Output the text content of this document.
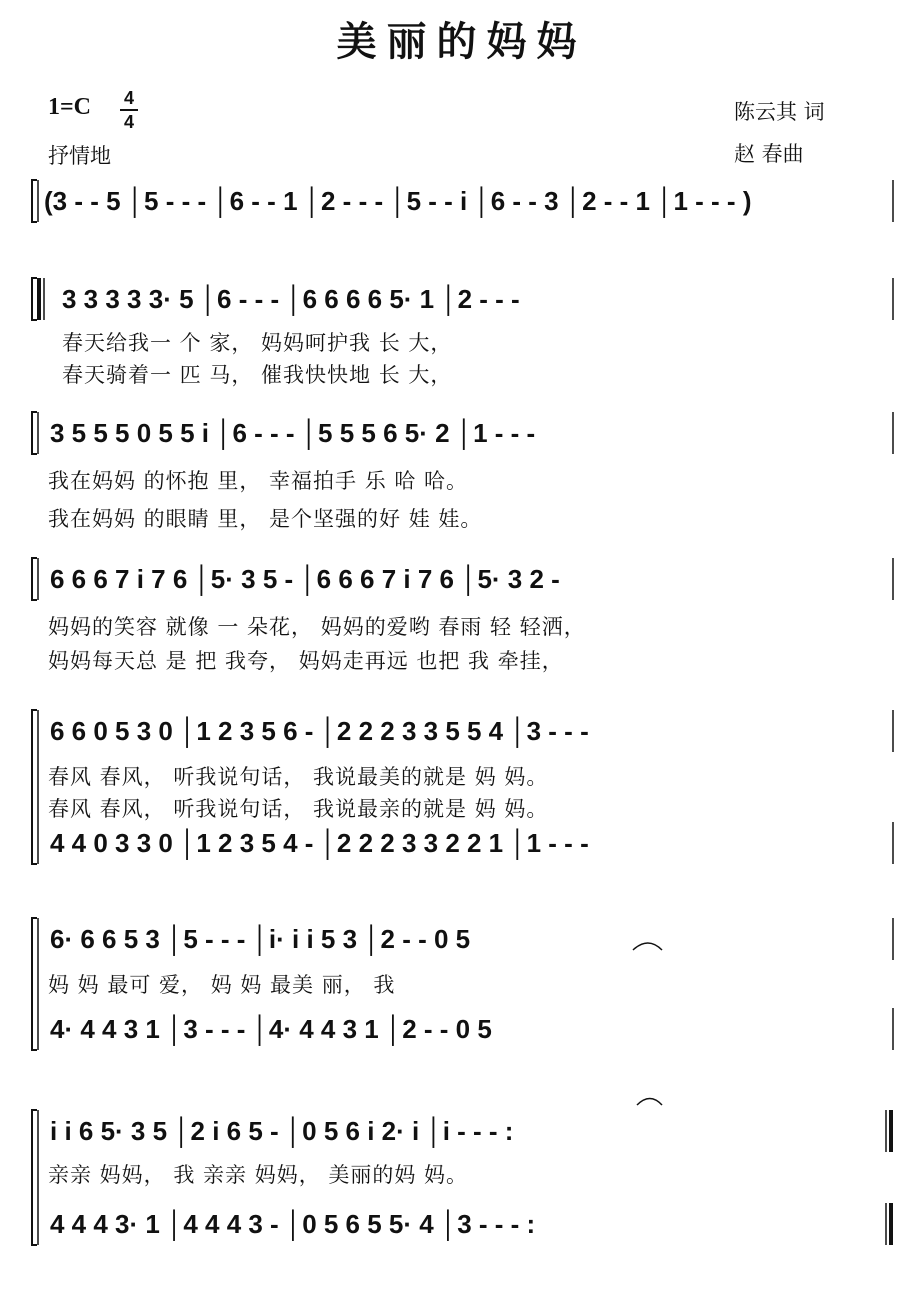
美丽的妈妈
1=C 4
4
抒情地
陈云其 词
赵 春曲
(3 - - 5 │5 - - - │6 - - 1 │2 - - - │5 - - i │6 - - 3 │2 - - 1 │1 - - - )
3 3 3 3 3· 5 │6 - - - │6 6 6 6 5· 1 │2 - - -
春天给我一 个 家， 妈妈呵护我 长 大，
春天骑着一 匹 马， 催我快快地 长 大，
3 5 5 5 0 5 5 i │6 - - - │5 5 5 6 5· 2 │1 - - -
我在妈妈 的怀抱 里， 幸福拍手 乐 哈 哈。
我在妈妈 的眼睛 里， 是个坚强的好 娃 娃。
6 6 6 7 i 7 6 │5· 3 5 - │6 6 6 7 i 7 6 │5· 3 2 -
妈妈的笑容 就像 一 朵花， 妈妈的爱哟 春雨 轻 轻洒，
妈妈每天总 是 把 我夸， 妈妈走再远 也把 我 牵挂，
6 6 0 5 3 0 │1 2 3 5 6 - │2 2 2 3 3 5 5 4 │3 - - -
春风 春风， 听我说句话， 我说最美的就是 妈 妈。
春风 春风， 听我说句话， 我说最亲的就是 妈 妈。
4 4 0 3 3 0 │1 2 3 5 4 - │2 2 2 3 3 2 2 1 │1 - - -
6· 6 6 5 3 │5 - - - │i· i i 5 3 │2 - - 0 5
妈 妈 最可 爱， 妈 妈 最美 丽， 我
4· 4 4 3 1 │3 - - - │4· 4 4 3 1 │2 - - 0 5
i i 6 5· 3 5 │2 i 6 5 - │0 5 6 i 2· i │i - - - :
亲亲 妈妈， 我 亲亲 妈妈， 美丽的妈 妈。
4 4 4 3· 1 │4 4 4 3 - │0 5 6 5 5· 4 │3 - - - :
